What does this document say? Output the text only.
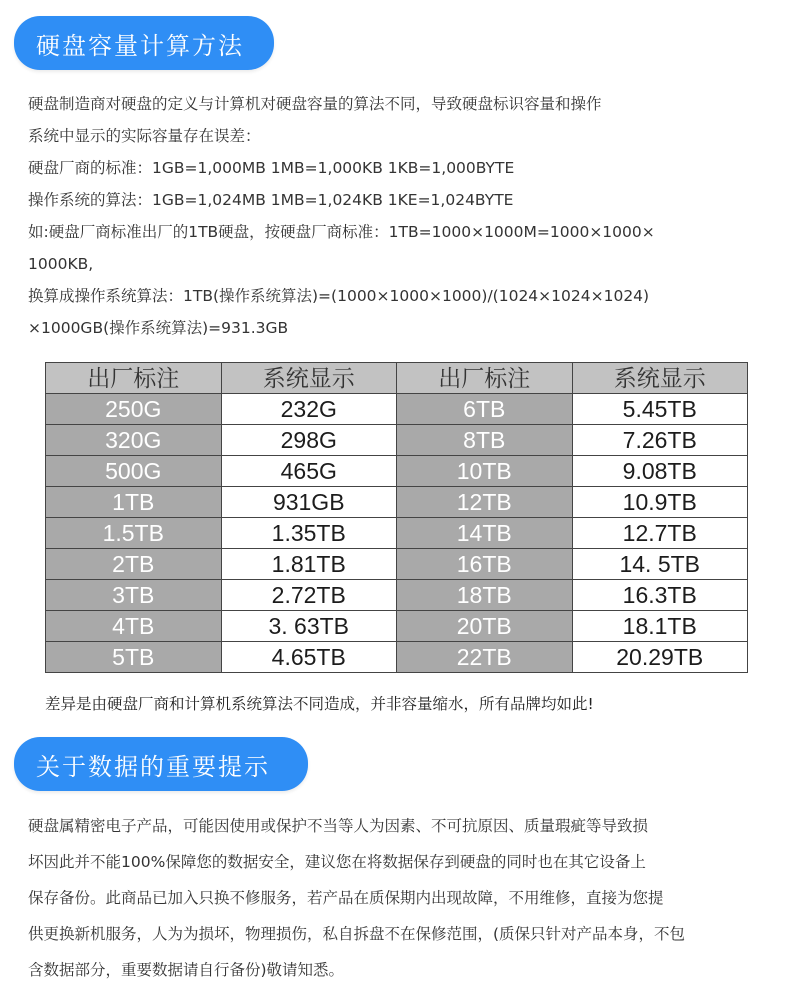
硬盘容量计算方法
硬盘制造商对硬盘的定义与计算机对硬盘容量的算法不同，导致硬盘标识容量和操作
系统中显示的实际容量存在误差：
硬盘厂商的标准：1GB=1,000MB 1MB=1,000KB 1KB=1,000BYTE
操作系统的算法：1GB=1,024MB 1MB=1,024KB 1KE=1,024BYTE
如:硬盘厂商标准出厂的1TB硬盘，按硬盘厂商标准：1TB=1000×1000M=1000×1000×
1000KB,
换算成操作系统算法：1TB(操作系统算法)=(1000×1000×1000)/(1024×1024×1024)
×1000GB(操作系统算法)=931.3GB
出厂标注	系统显示	出厂标注	系统显示
250G	232G	6TB	5.45TB
320G	298G	8TB	7.26TB
500G	465G	10TB	9.08TB
1TB	931GB	12TB	10.9TB
1.5TB	1.35TB	14TB	12.7TB
2TB	1.81TB	16TB	14. 5TB
3TB	2.72TB	18TB	16.3TB
4TB	3. 63TB	20TB	18.1TB
5TB	4.65TB	22TB	20.29TB
差异是由硬盘厂商和计算机系统算法不同造成，并非容量缩水，所有品牌均如此!
关于数据的重要提示
硬盘属精密电子产品，可能因使用或保护不当等人为因素、不可抗原因、质量瑕疵等导致损
坏因此并不能100%保障您的数据安全，建议您在将数据保存到硬盘的同时也在其它设备上
保存备份。此商品已加入只换不修服务，若产品在质保期内出现故障，不用维修，直接为您提
供更换新机服务，人为为损坏，物理损伤，私自拆盘不在保修范围，(质保只针对产品本身，不包
含数据部分，重要数据请自行备份)敬请知悉。
